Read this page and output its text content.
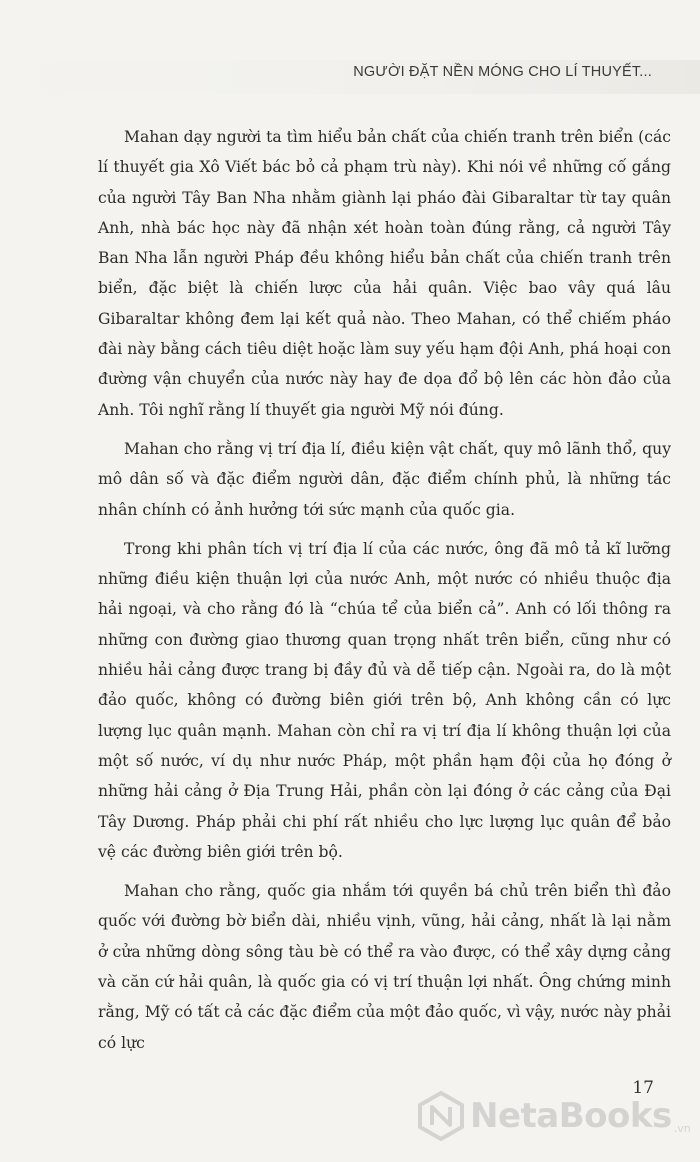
NGƯỜI ĐẶT NỀN MÓNG CHO LÍ THUYẾT...

Mahan dạy người ta tìm hiểu bản chất của chiến tranh trên biển (các lí thuyết gia Xô Viết bác bỏ cả phạm trù này). Khi nói về những cố gắng của người Tây Ban Nha nhằm giành lại pháo đài Gibaraltar từ tay quân Anh, nhà bác học này đã nhận xét hoàn toàn đúng rằng, cả người Tây Ban Nha lẫn người Pháp đều không hiểu bản chất của chiến tranh trên biển, đặc biệt là chiến lược của hải quân. Việc bao vây quá lâu Gibaraltar không đem lại kết quả nào. Theo Mahan, có thể chiếm pháo đài này bằng cách tiêu diệt hoặc làm suy yếu hạm đội Anh, phá hoại con đường vận chuyển của nước này hay đe dọa đổ bộ lên các hòn đảo của Anh. Tôi nghĩ rằng lí thuyết gia người Mỹ nói đúng.

Mahan cho rằng vị trí địa lí, điều kiện vật chất, quy mô lãnh thổ, quy mô dân số và đặc điểm người dân, đặc điểm chính phủ, là những tác nhân chính có ảnh hưởng tới sức mạnh của quốc gia.

Trong khi phân tích vị trí địa lí của các nước, ông đã mô tả kĩ lưỡng những điều kiện thuận lợi của nước Anh, một nước có nhiều thuộc địa hải ngoại, và cho rằng đó là “chúa tể của biển cả”. Anh có lối thông ra những con đường giao thương quan trọng nhất trên biển, cũng như có nhiều hải cảng được trang bị đầy đủ và dễ tiếp cận. Ngoài ra, do là một đảo quốc, không có đường biên giới trên bộ, Anh không cần có lực lượng lục quân mạnh. Mahan còn chỉ ra vị trí địa lí không thuận lợi của một số nước, ví dụ như nước Pháp, một phần hạm đội của họ đóng ở những hải cảng ở Địa Trung Hải, phần còn lại đóng ở các cảng của Đại Tây Dương. Pháp phải chi phí rất nhiều cho lực lượng lục quân để bảo vệ các đường biên giới trên bộ.

Mahan cho rằng, quốc gia nhắm tới quyền bá chủ trên biển thì đảo quốc với đường bờ biển dài, nhiều vịnh, vũng, hải cảng, nhất là lại nằm ở cửa những dòng sông tàu bè có thể ra vào được, có thể xây dựng cảng và căn cứ hải quân, là quốc gia có vị trí thuận lợi nhất. Ông chứng minh rằng, Mỹ có tất cả các đặc điểm của một đảo quốc, vì vậy, nước này phải có lực

17
NetaBooks .vn
